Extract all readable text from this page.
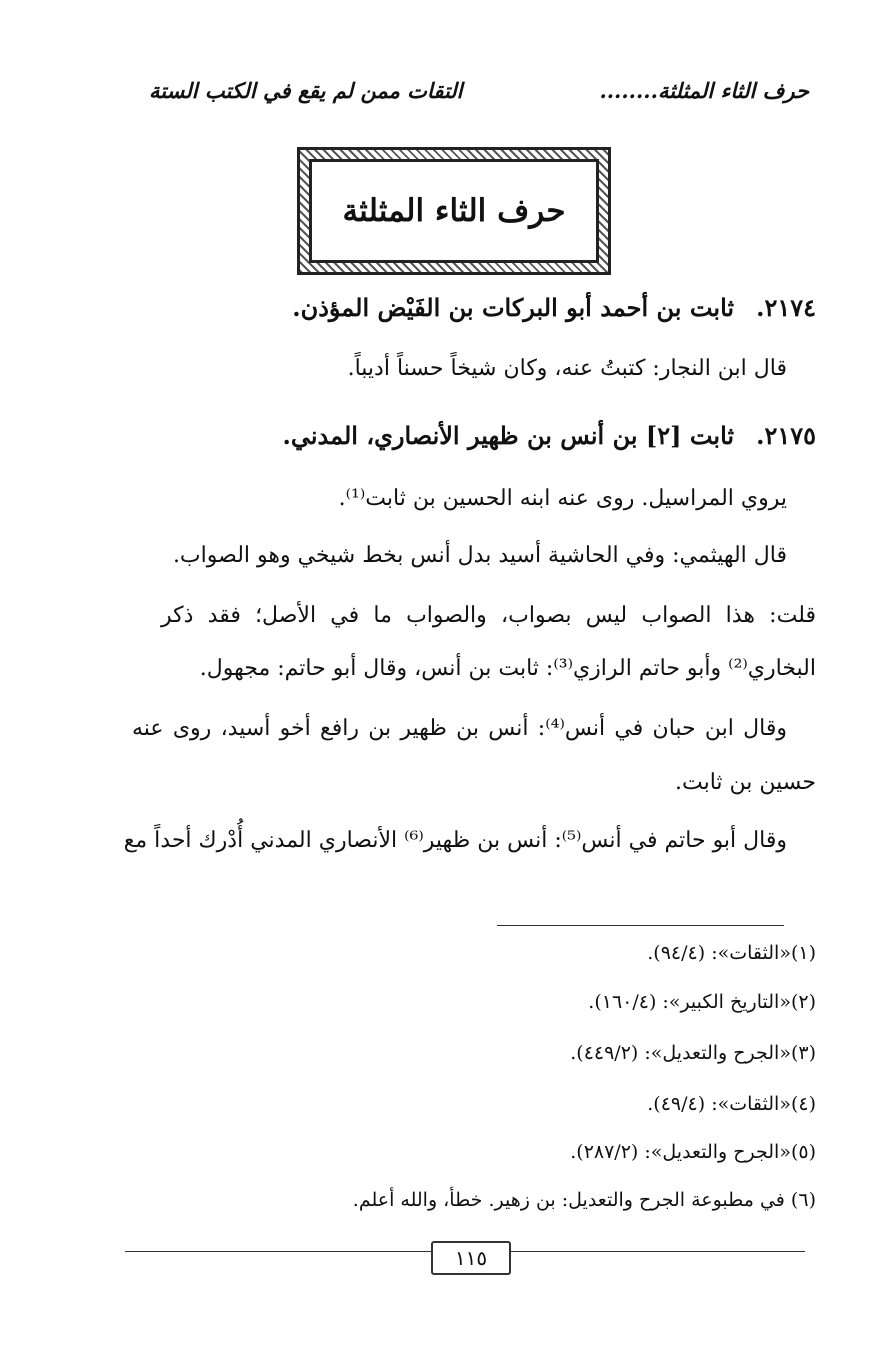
حرف الثاء المثلثة........
التقات ممن لم يقع في الكتب الستة
حرف الثاء المثلثة
٢١٧٤.ثابت بن أحمد أبو البركات بن الفَيْض المؤذن.
قال ابن النجار: كتبتُ عنه، وكان شيخاً حسناً أديباً.
٢١٧٥.ثابت [٢] بن أنس بن ظهير الأنصاري، المدني.
يروي المراسيل. روى عنه ابنه الحسين بن ثابت⁽¹⁾.
قال الهيثمي: وفي الحاشية أسيد بدل أنس بخط شيخي وهو الصواب.
قلت: هذا الصواب ليس بصواب، والصواب ما في الأصل؛ فقد ذكر
البخاري⁽²⁾ وأبو حاتم الرازي⁽³⁾: ثابت بن أنس، وقال أبو حاتم: مجهول.
وقال ابن حبان في أنس⁽⁴⁾: أنس بن ظهير بن رافع أخو أسيد، روى عنه
حسين بن ثابت.
وقال أبو حاتم في أنس⁽⁵⁾: أنس بن ظهير⁽⁶⁾ الأنصاري المدني أُدْرك أحداً مع
(١)«الثقات»: (٩٤/٤).
(٢)«التاريخ الكبير»: (١٦٠/٤).
(٣)«الجرح والتعديل»: (٤٤٩/٢).
(٤)«الثقات»: (٤٩/٤).
(٥)«الجرح والتعديل»: (٢٨٧/٢).
(٦) في مطبوعة الجرح والتعديل: بن زهير. خطأ، والله أعلم.
١١٥
